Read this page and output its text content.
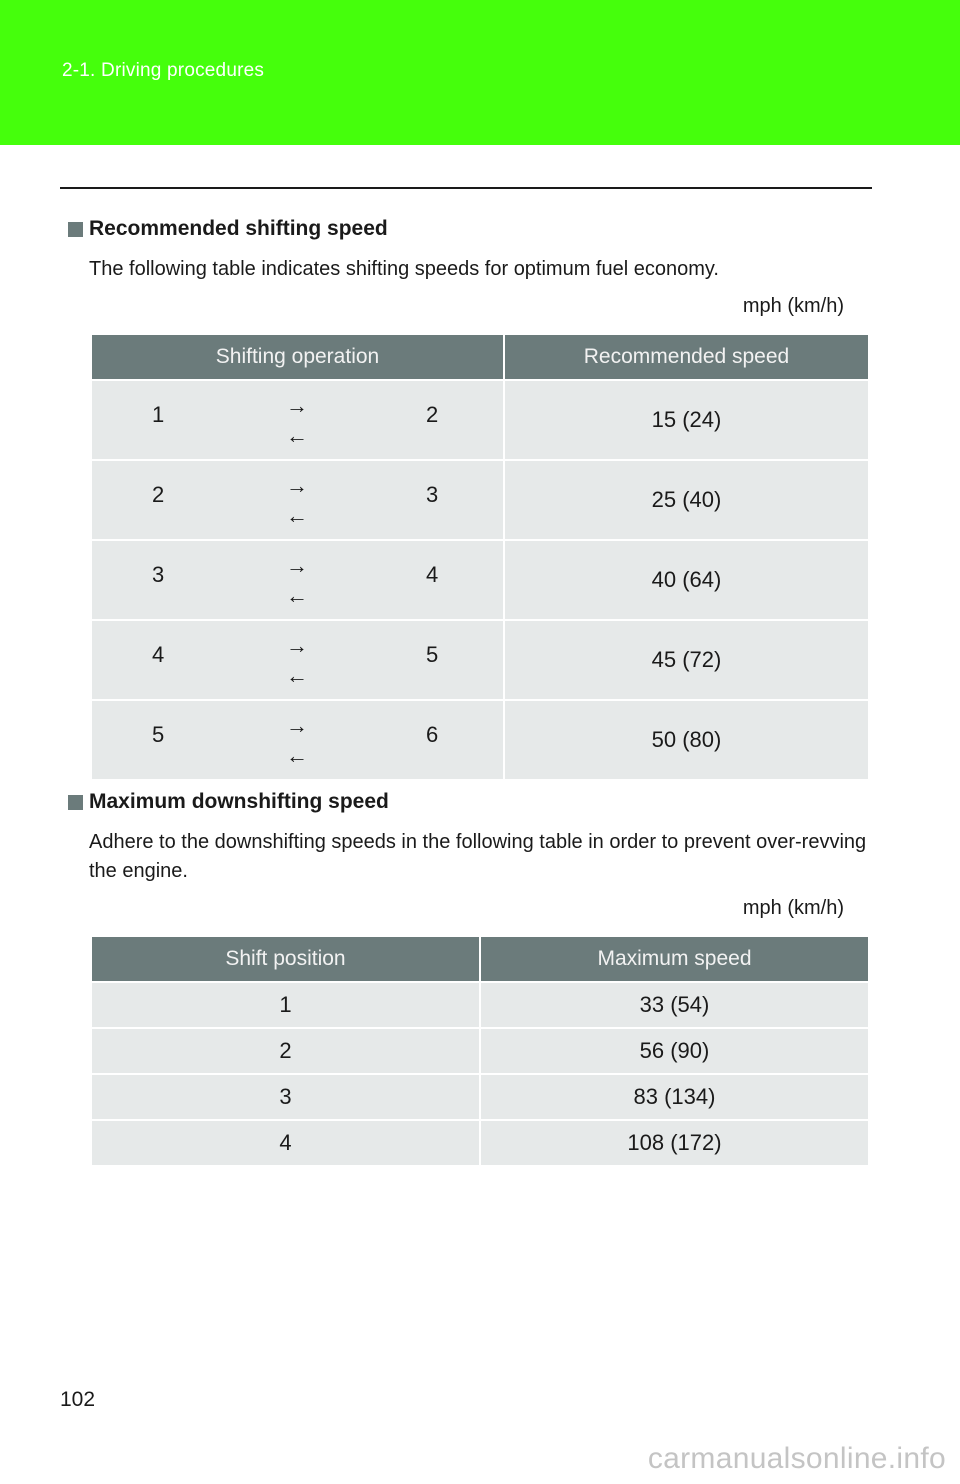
2-1. Driving procedures
Recommended shifting speed
The following table indicates shifting speeds for optimum fuel economy.
mph (km/h)
Shifting operation	Recommended speed

1 →
←
2	15 (24)

2 →
←
3	25 (40)

3 →
←
4	40 (64)

4 →
←
5	45 (72)

5 →
←
6	50 (80)
Maximum downshifting speed
Adhere to the downshifting speeds in the following table in order to prevent over-revving the engine.
mph (km/h)
Shift position	Maximum speed
1	33 (54)
2	56 (90)
3	83 (134)
4	108 (172)
102
carmanualsonline.info
